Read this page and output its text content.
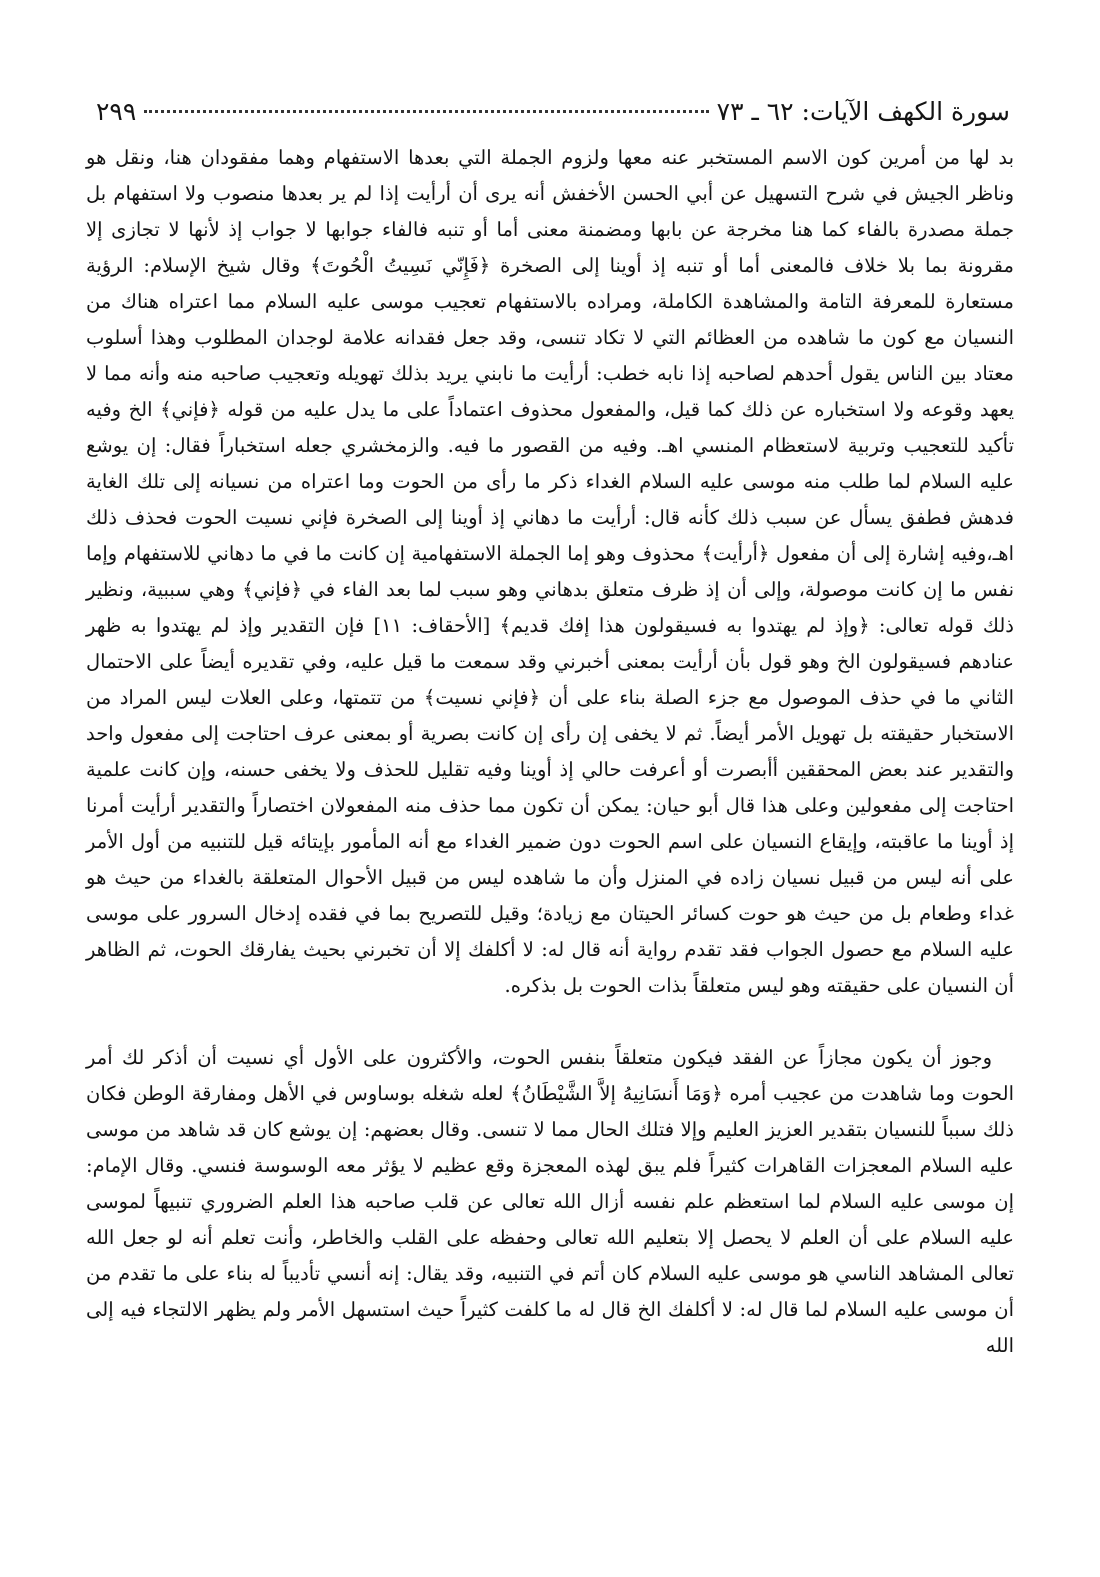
سورة الكهف الآيات: ٦٢ ـ ٧٣
٢٩٩

بد لها من أمرين كون الاسم المستخبر عنه معها ولزوم الجملة التي بعدها الاستفهام وهما مفقودان هنا، ونقل هو وناظر الجيش في شرح التسهيل عن أبي الحسن الأخفش أنه يرى أن أرأيت إذا لم ير بعدها منصوب ولا استفهام بل جملة مصدرة بالفاء كما هنا مخرجة عن بابها ومضمنة معنى أما أو تنبه فالفاء جوابها لا جواب إذ لأنها لا تجازى إلا مقرونة بما بلا خلاف فالمعنى أما أو تنبه إذ أوينا إلى الصخرة ﴿فَإِنّي نَسِيتُ الْحُوتَ﴾ وقال شيخ الإسلام: الرؤية مستعارة للمعرفة التامة والمشاهدة الكاملة، ومراده بالاستفهام تعجيب موسى عليه السلام مما اعتراه هناك من النسيان مع كون ما شاهده من العظائم التي لا تكاد تنسى، وقد جعل فقدانه علامة لوجدان المطلوب وهذا أسلوب معتاد بين الناس يقول أحدهم لصاحبه إذا نابه خطب: أرأيت ما نابني يريد بذلك تهويله وتعجيب صاحبه منه وأنه مما لا يعهد وقوعه ولا استخباره عن ذلك كما قيل، والمفعول محذوف اعتماداً على ما يدل عليه من قوله ﴿فإني﴾ الخ وفيه تأكيد للتعجيب وتربية لاستعظام المنسي اهـ. وفيه من القصور ما فيه. والزمخشري جعله استخباراً فقال: إن يوشع عليه السلام لما طلب منه موسى عليه السلام الغداء ذكر ما رأى من الحوت وما اعتراه من نسيانه إلى تلك الغاية فدهش فطفق يسأل عن سبب ذلك كأنه قال: أرأيت ما دهاني إذ أوينا إلى الصخرة فإني نسيت الحوت فحذف ذلك اهـ،وفيه إشارة إلى أن مفعول ﴿أرأيت﴾ محذوف وهو إما الجملة الاستفهامية إن كانت ما في ما دهاني للاستفهام وإما نفس ما إن كانت موصولة، وإلى أن إذ ظرف متعلق بدهاني وهو سبب لما بعد الفاء في ﴿فإني﴾ وهي سببية، ونظير ذلك قوله تعالى: ﴿وإذ لم يهتدوا به فسيقولون هذا إفك قديم﴾ [الأحقاف: ١١] فإن التقدير وإذ لم يهتدوا به ظهر عنادهم فسيقولون الخ وهو قول بأن أرأيت بمعنى أخبرني وقد سمعت ما قيل عليه، وفي تقديره أيضاً على الاحتمال الثاني ما في حذف الموصول مع جزء الصلة بناء على أن ﴿فإني نسيت﴾ من تتمتها، وعلى العلات ليس المراد من الاستخبار حقيقته بل تهويل الأمر أيضاً. ثم لا يخفى إن رأى إن كانت بصرية أو بمعنى عرف احتاجت إلى مفعول واحد والتقدير عند بعض المحققين أأبصرت أو أعرفت حالي إذ أوينا وفيه تقليل للحذف ولا يخفى حسنه، وإن كانت علمية احتاجت إلى مفعولين وعلى هذا قال أبو حيان: يمكن أن تكون مما حذف منه المفعولان اختصاراً والتقدير أرأيت أمرنا إذ أوينا ما عاقبته، وإيقاع النسيان على اسم الحوت دون ضمير الغداء مع أنه المأمور بإيتائه قيل للتنبيه من أول الأمر على أنه ليس من قبيل نسيان زاده في المنزل وأن ما شاهده ليس من قبيل الأحوال المتعلقة بالغداء من حيث هو غداء وطعام بل من حيث هو حوت كسائر الحيتان مع زيادة؛ وقيل للتصريح بما في فقده إدخال السرور على موسى عليه السلام مع حصول الجواب فقد تقدم رواية أنه قال له: لا أكلفك إلا أن تخبرني بحيث يفارقك الحوت، ثم الظاهر أن النسيان على حقيقته وهو ليس متعلقاً بذات الحوت بل بذكره.

وجوز أن يكون مجازاً عن الفقد فيكون متعلقاً بنفس الحوت، والأكثرون على الأول أي نسيت أن أذكر لك أمر الحوت وما شاهدت من عجيب أمره ﴿وَمَا أَنسَانِيهُ إلاَّ الشَّيْطَانُ﴾ لعله شغله بوساوس في الأهل ومفارقة الوطن فكان ذلك سبباً للنسيان بتقدير العزيز العليم وإلا فتلك الحال مما لا تنسى. وقال بعضهم: إن يوشع كان قد شاهد من موسى عليه السلام المعجزات القاهرات كثيراً فلم يبق لهذه المعجزة وقع عظيم لا يؤثر معه الوسوسة فنسي. وقال الإمام: إن موسى عليه السلام لما استعظم علم نفسه أزال الله تعالى عن قلب صاحبه هذا العلم الضروري تنبيهاً لموسى عليه السلام على أن العلم لا يحصل إلا بتعليم الله تعالى وحفظه على القلب والخاطر، وأنت تعلم أنه لو جعل الله تعالى المشاهد الناسي هو موسى عليه السلام كان أتم في التنبيه، وقد يقال: إنه أنسي تأديباً له بناء على ما تقدم من أن موسى عليه السلام لما قال له: لا أكلفك الخ قال له ما كلفت كثيراً حيث استسهل الأمر ولم يظهر الالتجاء فيه إلى الله
